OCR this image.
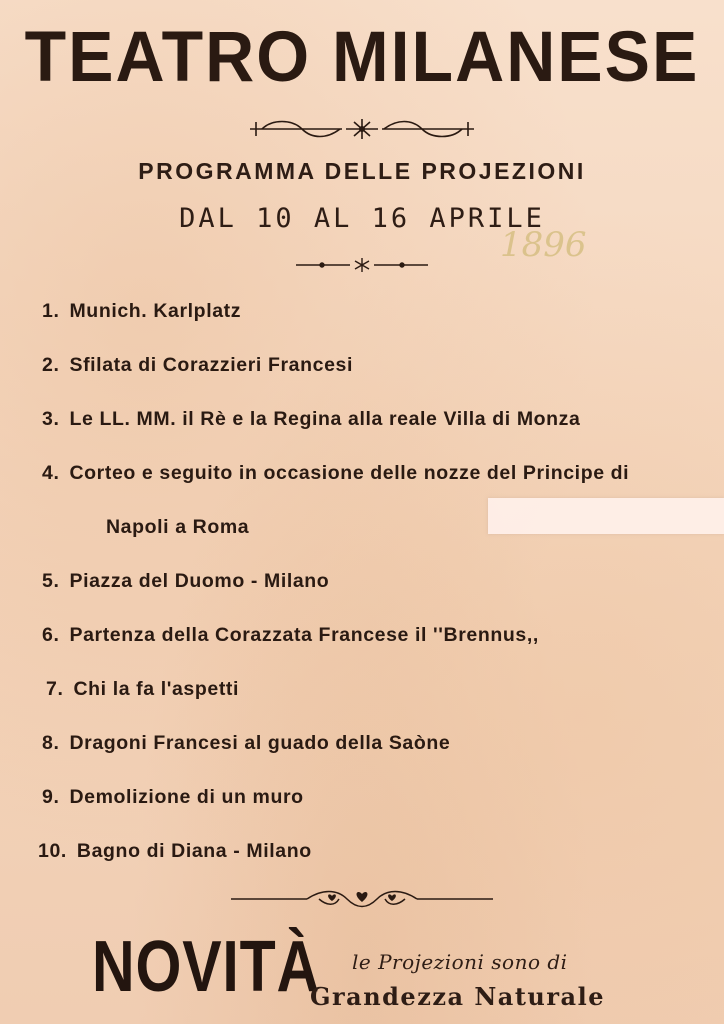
TEATRO MILANESE
PROGRAMMA DELLE PROJEZIONI
DAL 10 AL 16 APRILE
1896
1. Munich. Karlplatz
2. Sfilata di Corazzieri Francesi
3. Le LL. MM. il Rè e la Regina alla reale Villa di Monza
4. Corteo e seguito in occasione delle nozze del Principe di
Napoli a Roma
5. Piazza del Duomo - Milano
6. Partenza della Corazzata Francese il ''Brennus,,
7. Chi la fa l'aspetti
8. Dragoni Francesi al guado della Saòne
9. Demolizione di un muro
10. Bagno di Diana - Milano
NOVITÀ le Projezioni sono di
Grandezza Naturale
